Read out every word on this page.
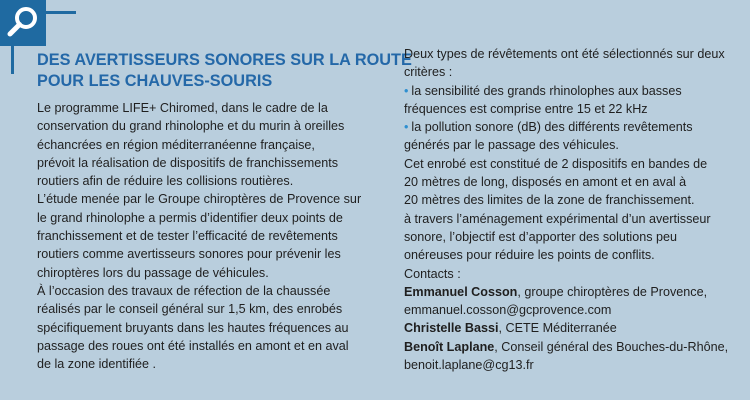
DES AVERTISSEURS SONORES SUR LA ROUTE
POUR LES CHAUVES-SOURIS
Le programme LIFE+ Chiromed, dans le cadre de la
conservation du grand rhinolophe et du murin à oreilles
échancrées en région méditerranéenne française,
prévoit la réalisation de dispositifs de franchissements
routiers afin de réduire les collisions routières.
L’étude menée par le Groupe chiroptères de Provence sur
le grand rhinolophe a permis d’identifier deux points de
franchissement et de tester l’efficacité de revêtements
routiers comme avertisseurs sonores pour prévenir les
chiroptères lors du passage de véhicules.
À l’occasion des travaux de réfection de la chaussée
réalisés par le conseil général sur 1,5 km, des enrobés
spécifiquement bruyants dans les hautes fréquences au
passage des roues ont été installés en amont et en aval
de la zone identifiée .
Deux types de révêtements ont été sélectionnés sur deux
critères :
• la sensibilité des grands rhinolophes aux basses
fréquences est comprise entre 15 et 22 kHz
• la pollution sonore (dB) des différents revêtements
générés par le passage des véhicules.
Cet enrobé est constitué de 2 dispositifs en bandes de
20 mètres de long, disposés en amont et en aval à
20 mètres des limites de la zone de franchissement.
à travers l’aménagement expérimental d’un avertisseur
sonore, l’objectif est d’apporter des solutions peu
onéreuses pour réduire les points de conflits.
Contacts :
Emmanuel Cosson, groupe chiroptères de Provence,
emmanuel.cosson@gcprovence.com
Christelle Bassi, CETE Méditerranée
Benoît Laplane, Conseil général des Bouches-du-Rhône,
benoit.laplane@cg13.fr
